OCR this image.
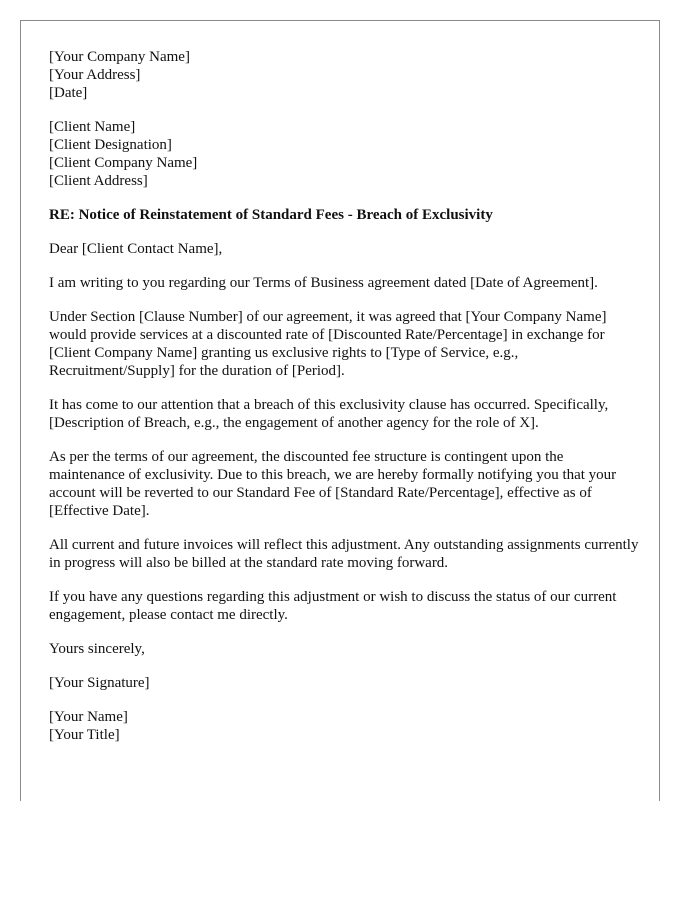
[Your Company Name]
[Your Address]
[Date]
[Client Name]
[Client Designation]
[Client Company Name]
[Client Address]

RE: Notice of Reinstatement of Standard Fees - Breach of Exclusivity

Dear [Client Contact Name],

I am writing to you regarding our Terms of Business agreement dated [Date of Agreement].

Under Section [Clause Number] of our agreement, it was agreed that [Your Company Name] would provide services at a discounted rate of [Discounted Rate/Percentage] in exchange for [Client Company Name] granting us exclusive rights to [Type of Service, e.g., Recruitment/Supply] for the duration of [Period].

It has come to our attention that a breach of this exclusivity clause has occurred. Specifically, [Description of Breach, e.g., the engagement of another agency for the role of X].

As per the terms of our agreement, the discounted fee structure is contingent upon the maintenance of exclusivity. Due to this breach, we are hereby formally notifying you that your account will be reverted to our Standard Fee of [Standard Rate/Percentage], effective as of [Effective Date].

All current and future invoices will reflect this adjustment. Any outstanding assignments currently in progress will also be billed at the standard rate moving forward.

If you have any questions regarding this adjustment or wish to discuss the status of our current engagement, please contact me directly.

Yours sincerely,

[Your Signature]

[Your Name]
[Your Title]
